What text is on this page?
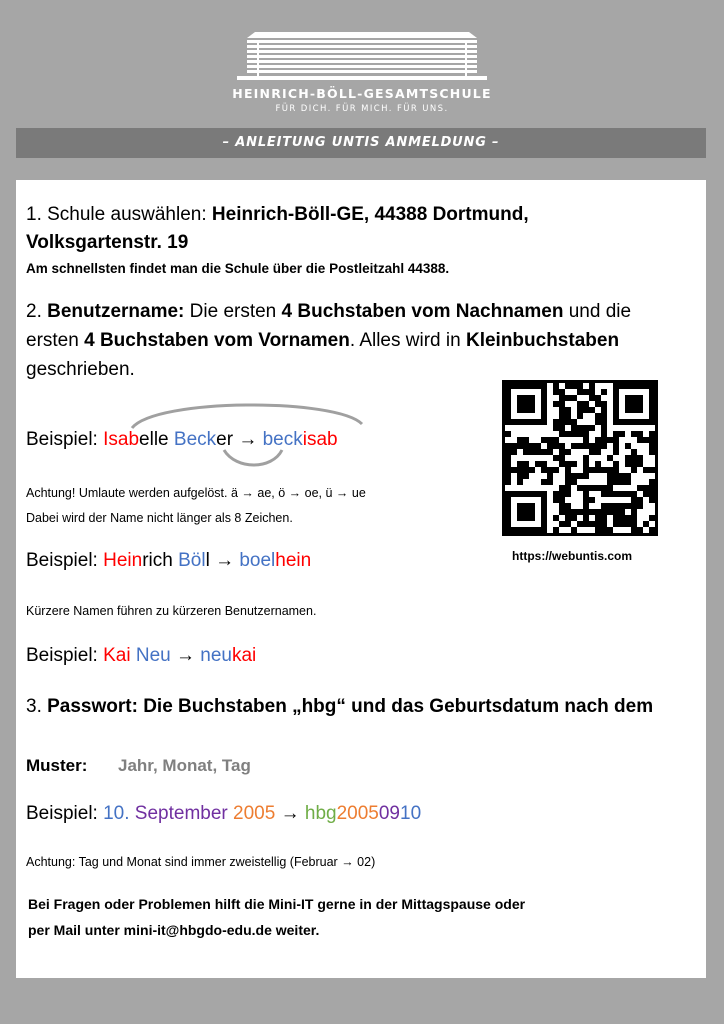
HEINRICH-BÖLL-GESAMTSCHULE
FÜR DICH. FÜR MICH. FÜR UNS.
– ANLEITUNG UNTIS ANMELDUNG –
1. Schule auswählen: Heinrich-Böll-GE, 44388 Dortmund,
Volksgartenstr. 19
Am schnellsten findet man die Schule über die Postleitzahl 44388.
2. Benutzername: Die ersten 4 Buchstaben vom Nachnamen und die
ersten 4 Buchstaben vom Vornamen. Alles wird in Kleinbuchstaben
geschrieben.
Beispiel: Isabelle Becker → beckisab
Achtung! Umlaute werden aufgelöst. ä → ae, ö → oe, ü → ue
Dabei wird der Name nicht länger als 8 Zeichen.
Beispiel: Heinrich Böll → boelhein	https://webuntis.com
Kürzere Namen führen zu kürzeren Benutzernamen.
Beispiel: Kai Neu → neukai
3. Passwort: Die Buchstaben „hbg“ und das Geburtsdatum nach dem
Muster: Jahr, Monat, Tag
Beispiel: 10. September 2005 → hbg20050910
Achtung: Tag und Monat sind immer zweistellig (Februar → 02)
Bei Fragen oder Problemen hilft die Mini-IT gerne in der Mittagspause oder
per Mail unter mini-it@hbgdo-edu.de weiter.
